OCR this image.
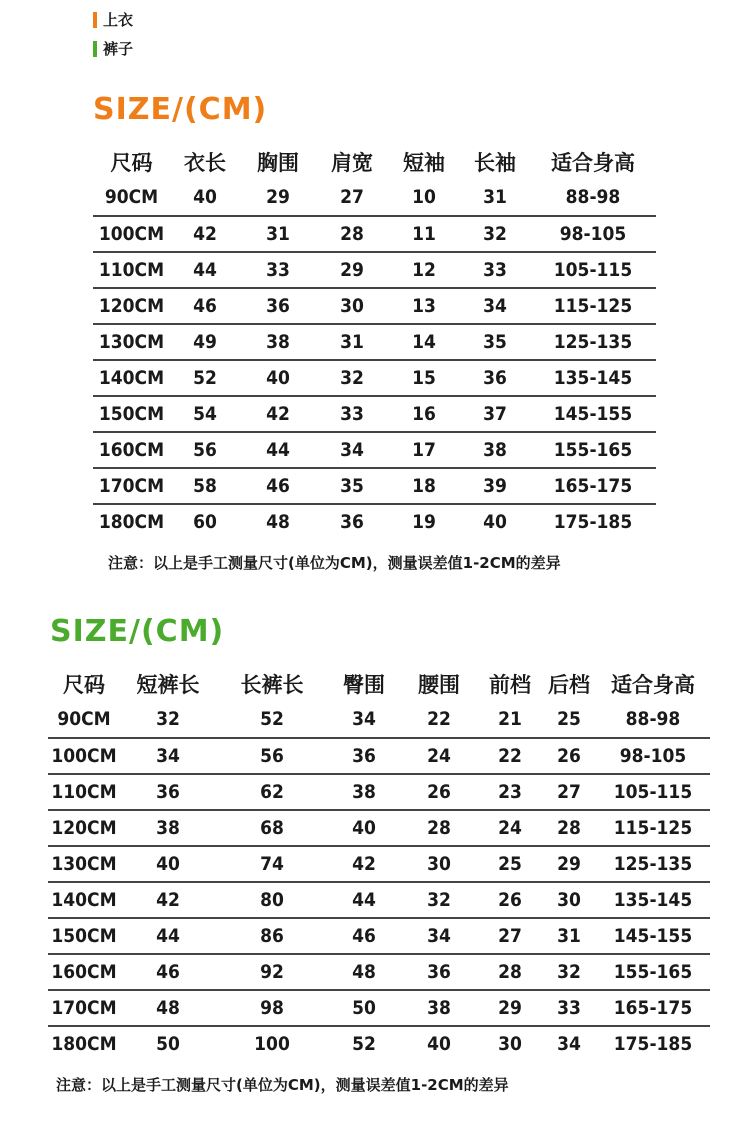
上衣
裤子
SIZE/(CM)
尺码	衣长	胸围	肩宽	短袖	长袖	适合身高
90CM	40	29	27	10	31	88-98
100CM	42	31	28	11	32	98-105
110CM	44	33	29	12	33	105-115
120CM	46	36	30	13	34	115-125
130CM	49	38	31	14	35	125-135
140CM	52	40	32	15	36	135-145
150CM	54	42	33	16	37	145-155
160CM	56	44	34	17	38	155-165
170CM	58	46	35	18	39	165-175
180CM	60	48	36	19	40	175-185
注意：以上是手工测量尺寸(单位为CM)，测量误差值1-2CM的差异
SIZE/(CM)
尺码	短裤长	长裤长	臀围	腰围	前档	后档	适合身高
90CM	32	52	34	22	21	25	88-98
100CM	34	56	36	24	22	26	98-105
110CM	36	62	38	26	23	27	105-115
120CM	38	68	40	28	24	28	115-125
130CM	40	74	42	30	25	29	125-135
140CM	42	80	44	32	26	30	135-145
150CM	44	86	46	34	27	31	145-155
160CM	46	92	48	36	28	32	155-165
170CM	48	98	50	38	29	33	165-175
180CM	50	100	52	40	30	34	175-185
注意：以上是手工测量尺寸(单位为CM)，测量误差值1-2CM的差异
